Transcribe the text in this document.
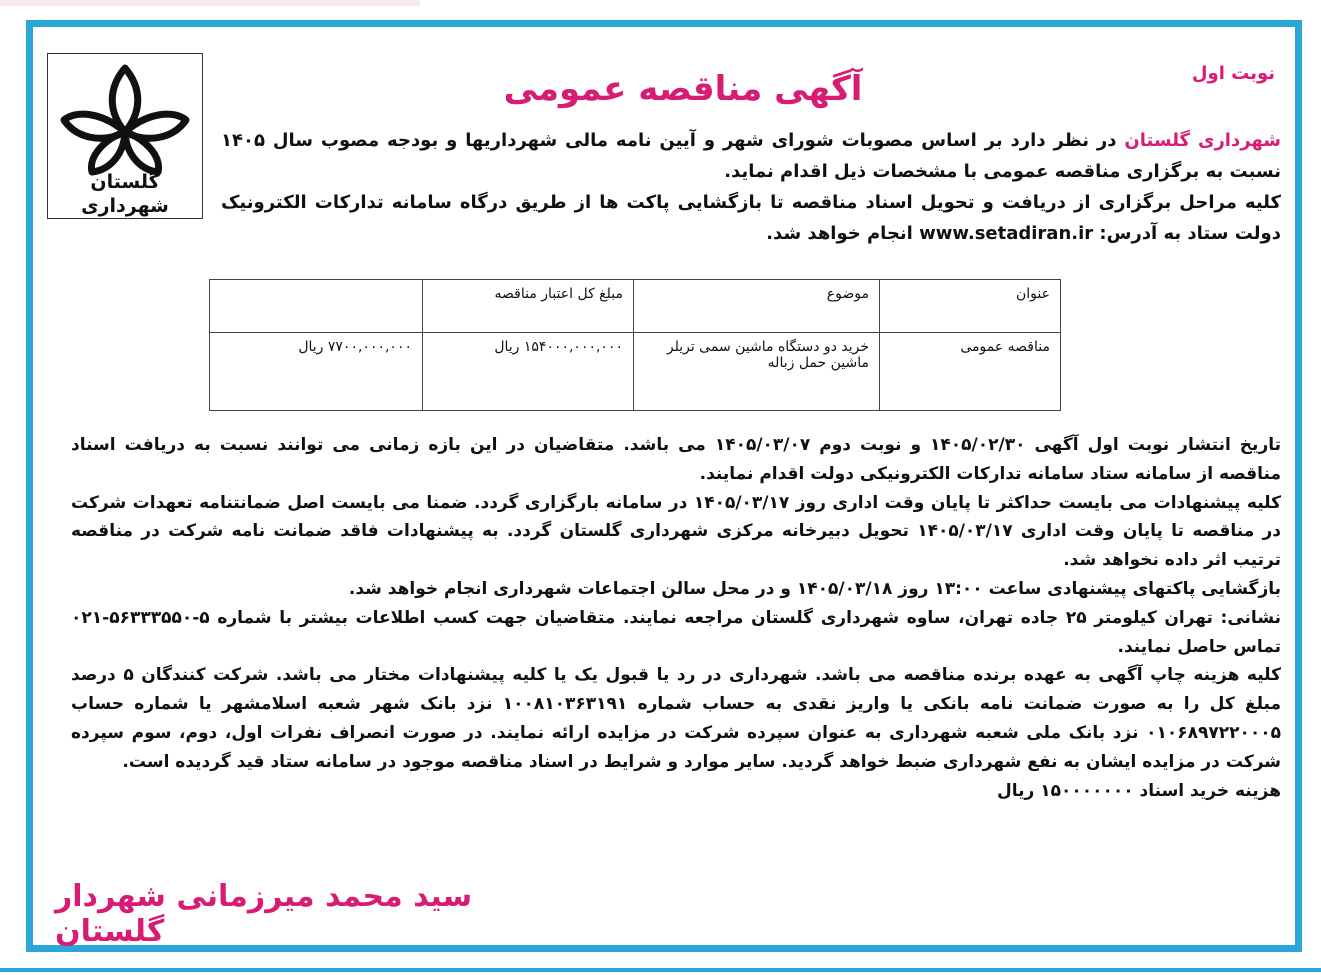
نوبت اول
آگهی مناقصه عمومی
گلستان
شهرداری

شهرداری گلستان در نظر دارد بر اساس مصوبات شورای شهر و آیین نامه مالی شهرداریها و بودجه مصوب سال ۱۴۰۵ نسبت به برگزاری مناقصه عمومی با مشخصات ذیل اقدام نماید.

کلیه مراحل برگزاری از دریافت و تحویل اسناد مناقصه تا بازگشایی پاکت ها از طریق درگاه سامانه تدارکات الکترونیک دولت ستاد به آدرس: www.setadiran.ir انجام خواهد شد.

عنوان	موضوع	مبلغ کل اعتبار مناقصه	
مناقصه عمومی	خرید دو دستگاه ماشین سمی تریلر ماشین حمل زباله	۱۵۴۰۰۰,۰۰۰,۰۰۰ ریال	۷۷۰۰,۰۰۰,۰۰۰ ریال

تاریخ انتشار نوبت اول آگهی ۱۴۰۵/۰۲/۳۰ و نوبت دوم ۱۴۰۵/۰۳/۰۷ می باشد. متقاضیان در این بازه زمانی می توانند نسبت به دریافت اسناد مناقصه از سامانه ستاد سامانه تدارکات الکترونیکی دولت اقدام نمایند.

کلیه پیشنهادات می بایست حداکثر تا پایان وقت اداری روز ۱۴۰۵/۰۳/۱۷ در سامانه بارگزاری گردد. ضمنا می بایست اصل ضمانتنامه تعهدات شرکت در مناقصه تا پایان وقت اداری ۱۴۰۵/۰۳/۱۷ تحویل دبیرخانه مرکزی شهرداری گلستان گردد. به پیشنهادات فاقد ضمانت نامه شرکت در مناقصه ترتیب اثر داده نخواهد شد.

بازگشایی پاکتهای پیشنهادی ساعت ۱۳:۰۰ روز ۱۴۰۵/۰۳/۱۸ و در محل سالن اجتماعات شهرداری انجام خواهد شد.

نشانی: تهران کیلومتر ۲۵ جاده تهران، ساوه شهرداری گلستان مراجعه نمایند. متقاضیان جهت کسب اطلاعات بیشتر با شماره ۵-۵۶۳۳۳۵۵۰-۰۲۱ تماس حاصل نمایند.

کلیه هزینه چاپ آگهی به عهده برنده مناقصه می باشد. شهرداری در رد یا قبول یک یا کلیه پیشنهادات مختار می باشد. شرکت کنندگان ۵ درصد مبلغ کل را به صورت ضمانت نامه بانکی یا واریز نقدی به حساب شماره ۱۰۰۸۱۰۳۶۳۱۹۱ نزد بانک شهر شعبه اسلامشهر یا شماره حساب ۰۱۰۶۸۹۷۲۲۰۰۰۵ نزد بانک ملی شعبه شهرداری به عنوان سپرده شرکت در مزایده ارائه نمایند. در صورت انصراف نفرات اول، دوم، سوم سپرده شرکت در مزایده ایشان به نفع شهرداری ضبط خواهد گردید. سایر موارد و شرایط در اسناد مناقصه موجود در سامانه ستاد قید گردیده است.

هزینه خرید اسناد ۱۵۰۰۰۰۰۰۰ ریال

سید محمد میرزمانی شهردار گلستان
